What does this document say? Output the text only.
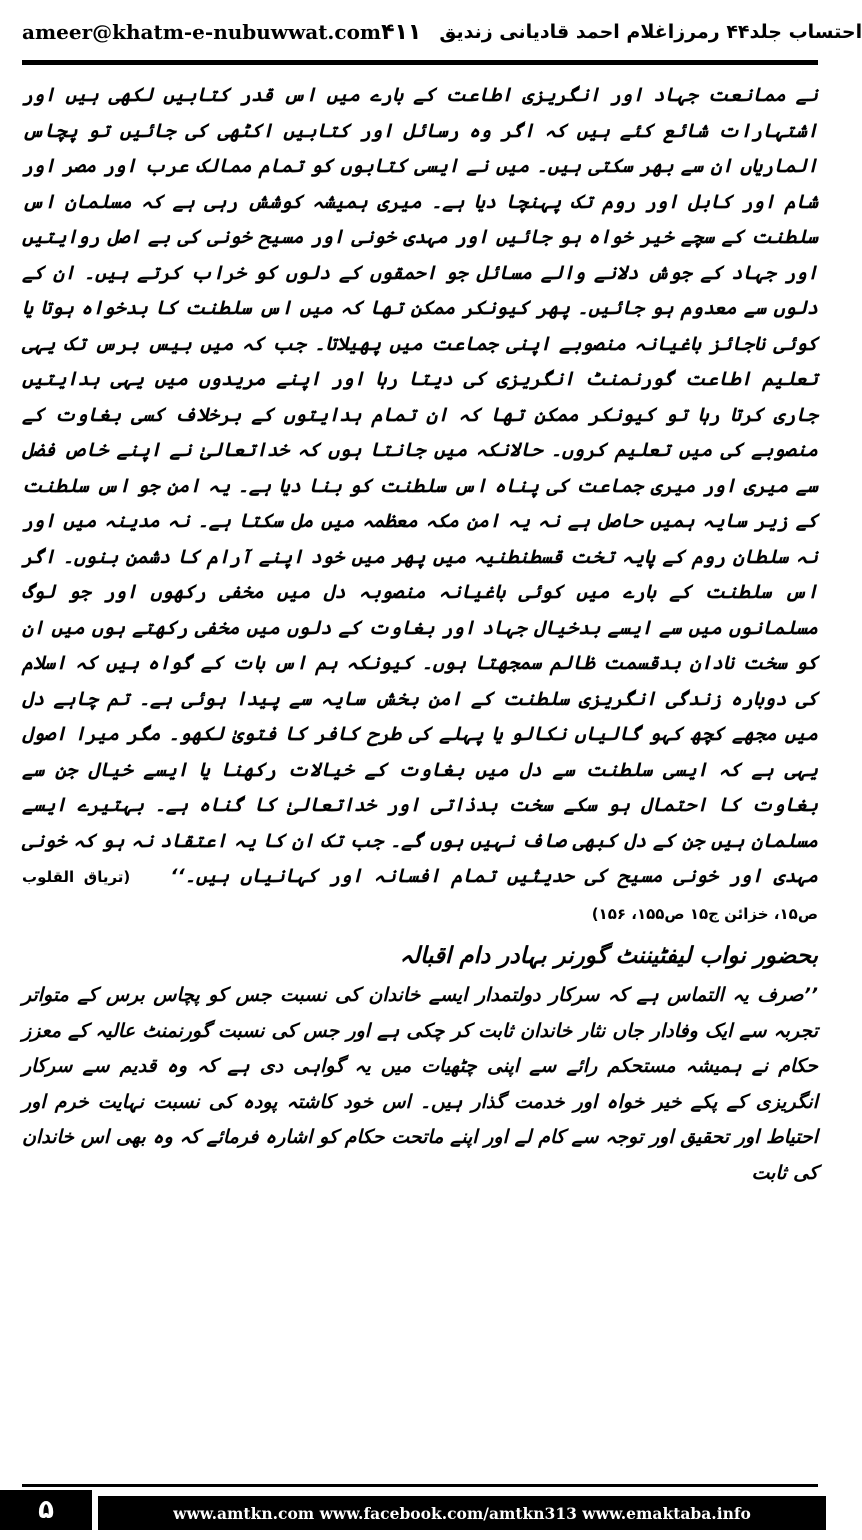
ameer@khatm-e-nubuwwat.com	احتساب جلد۴۴ رمرزاغلام احمد قادیانی زندیق
۴۱۱

نے ممانعت جہاد اور انگریزی اطاعت کے بارے میں اس قدر کتابیں لکھی ہیں اور اشتہارات شائع کئے ہیں کہ اگر وہ رسائل اور کتابیں اکٹھی کی جائیں تو پچاس الماریاں ان سے بھر سکتی ہیں۔ میں نے ایسی کتابوں کو تمام ممالک عرب اور مصر اور شام اور کابل اور روم تک پہنچا دیا ہے۔ میری ہمیشہ کوشش رہی ہے کہ مسلمان اس سلطنت کے سچے خیر خواہ ہو جائیں اور مہدی خونی اور مسیح خونی کی بے اصل روایتیں اور جہاد کے جوش دلانے والے مسائل جو احمقوں کے دلوں کو خراب کرتے ہیں۔ ان کے دلوں سے معدوم ہو جائیں۔ پھر کیونکر ممکن تھا کہ میں اس سلطنت کا بدخواہ ہوتا یا کوئی ناجائز باغیانہ منصوبے اپنی جماعت میں پھیلاتا۔ جب کہ میں بیس برس تک یہی تعلیم اطاعت گورنمنٹ انگریزی کی دیتا رہا اور اپنے مریدوں میں یہی ہدایتیں جاری کرتا رہا تو کیونکر ممکن تھا کہ ان تمام ہدایتوں کے برخلاف کسی بغاوت کے منصوبے کی میں تعلیم کروں۔ حالانکہ میں جانتا ہوں کہ خداتعالیٰ نے اپنے خاص فضل سے میری اور میری جماعت کی پناہ اس سلطنت کو بنا دیا ہے۔ یہ امن جو اس سلطنت کے زیر سایہ ہمیں حاصل ہے نہ یہ امن مکہ معظمہ میں مل سکتا ہے۔ نہ مدینہ میں اور نہ سلطان روم کے پایہ تخت قسطنطنیہ میں پھر میں خود اپنے آرام کا دشمن بنوں۔ اگر اس سلطنت کے بارے میں کوئی باغیانہ منصوبہ دل میں مخفی رکھوں اور جو لوگ مسلمانوں میں سے ایسے بدخیال جہاد اور بغاوت کے دلوں میں مخفی رکھتے ہوں میں ان کو سخت نادان بدقسمت ظالم سمجھتا ہوں۔ کیونکہ ہم اس بات کے گواہ ہیں کہ اسلام کی دوبارہ زندگی انگریزی سلطنت کے امن بخش سایہ سے پیدا ہوئی ہے۔ تم چاہے دل میں مجھے کچھ کہو گالیاں نکالو یا پہلے کی طرح کافر کا فتویٰ لکھو۔ مگر میرا اصول یہی ہے کہ ایسی سلطنت سے دل میں بغاوت کے خیالات رکھنا یا ایسے خیال جن سے بغاوت کا احتمال ہو سکے سخت بدذاتی اور خداتعالیٰ کا گناہ ہے۔ بہتیرے ایسے مسلمان ہیں جن کے دل کبھی صاف نہیں ہوں گے۔ جب تک ان کا یہ اعتقاد نہ ہو کہ خونی مہدی اور خونی مسیح کی حدیثیں تمام افسانہ اور کہانیاں ہیں۔‘‘(تریاق القلوب ص۱۵، خزائن ج۱۵ ص۱۵۵، ۱۵۶)

بحضور نواب لیفٹیننٹ گورنر بہادر دام اقبالہ

’’صرف یہ التماس ہے کہ سرکار دولتمدار ایسے خاندان کی نسبت جس کو پچاس برس کے متواتر تجربہ سے ایک وفادار جاں نثار خاندان ثابت کر چکی ہے اور جس کی نسبت گورنمنٹ عالیہ کے معزز حکام نے ہمیشہ مستحکم رائے سے اپنی چٹھیات میں یہ گواہی دی ہے کہ وہ قدیم سے سرکار انگریزی کے پکے خیر خواہ اور خدمت گذار ہیں۔ اس خود کاشتہ پودہ کی نسبت نہایت خرم اور احتیاط اور تحقیق اور توجہ سے کام لے اور اپنے ماتحت حکام کو اشارہ فرمائے کہ وہ بھی اس خاندان کی ثابت

۵	www.amtkn.com www.facebook.com/amtkn313 www.emaktaba.info
